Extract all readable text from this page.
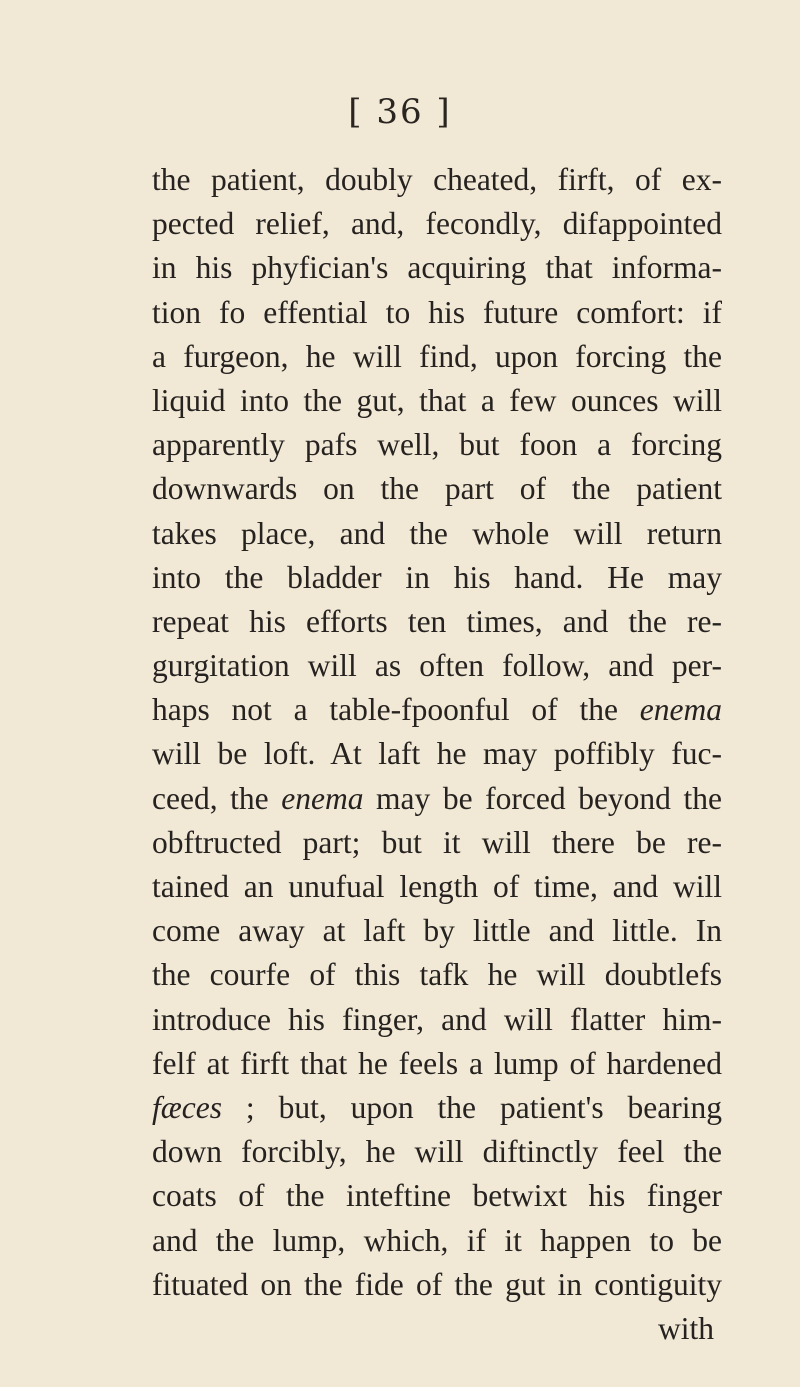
[ 36 ]
the patient, doubly cheated, firft, of ex-
pected relief, and, fecondly, difappointed
in his phyfician's acquiring that informa-
tion fo effential to his future comfort: if
a furgeon, he will find, upon forcing the
liquid into the gut, that a few ounces will
apparently pafs well, but foon a forcing
downwards on the part of the patient
takes place, and the whole will return
into the bladder in his hand. He may
repeat his efforts ten times, and the re-
gurgitation will as often follow, and per-
haps not a table-fpoonful of the enema
will be loft. At laft he may poffibly fuc-
ceed, the enema may be forced beyond the
obftructed part; but it will there be re-
tained an unufual length of time, and will
come away at laft by little and little. In
the courfe of this tafk he will doubtlefs
introduce his finger, and will flatter him-
felf at firft that he feels a lump of hardened
fæces ; but, upon the patient's bearing
down forcibly, he will diftinctly feel the
coats of the inteftine betwixt his finger
and the lump, which, if it happen to be
fituated on the fide of the gut in contiguity
with
